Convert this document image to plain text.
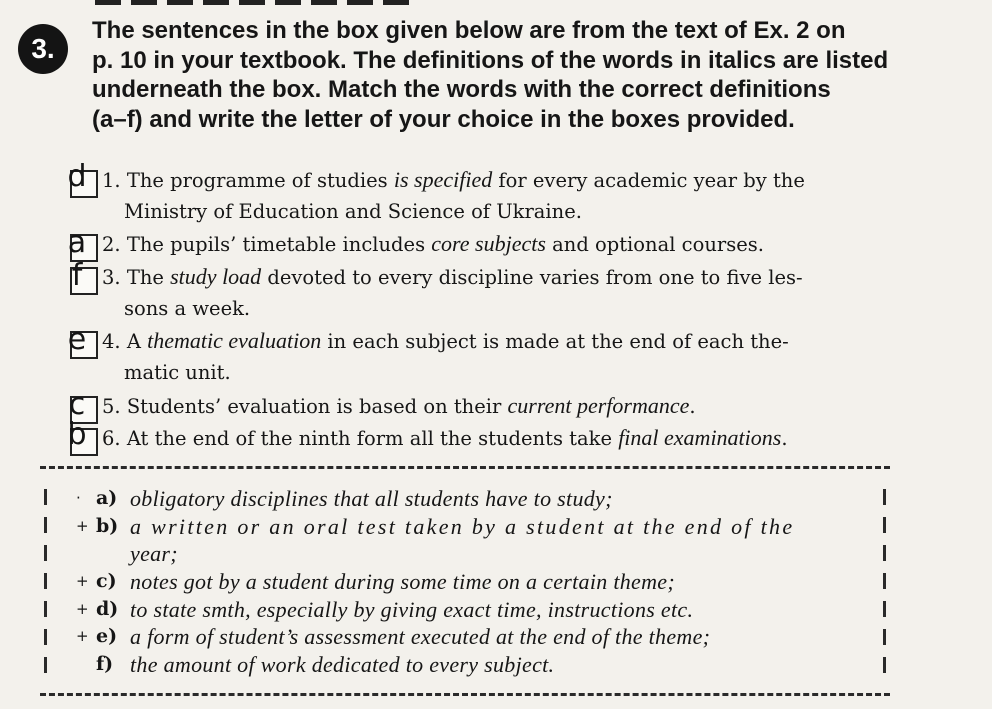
3.
The sentences in the box given below are from the text of Ex. 2 on
p. 10 in your textbook. The definitions of the words in italics are listed
underneath the box. Match the words with the correct definitions
(a–f) and write the letter of your choice in the boxes provided.
d 1. The programme of studies is specified for every academic year by the
Ministry of Education and Science of Ukraine.
a 2. The pupils’ timetable includes core subjects and optional courses.
f	3. The study load devoted to every discipline varies from one to five les-
sons a week.
e 4. A thematic evaluation in each subject is made at the end of each the-
matic unit.
c 5. Students’ evaluation is based on their current performance.
b 6. At the end of the ninth form all the students take final examinations.
· a) obligatory disciplines that all students have to study;
+ b) a written or an oral test taken by a student at the end of the
year;
+ c) notes got by a student during some time on a certain theme;
+ d) to state smth, especially by giving exact time, instructions etc.
+ e) a form of student’s assessment executed at the end of the theme;
f) the amount of work dedicated to every subject.
